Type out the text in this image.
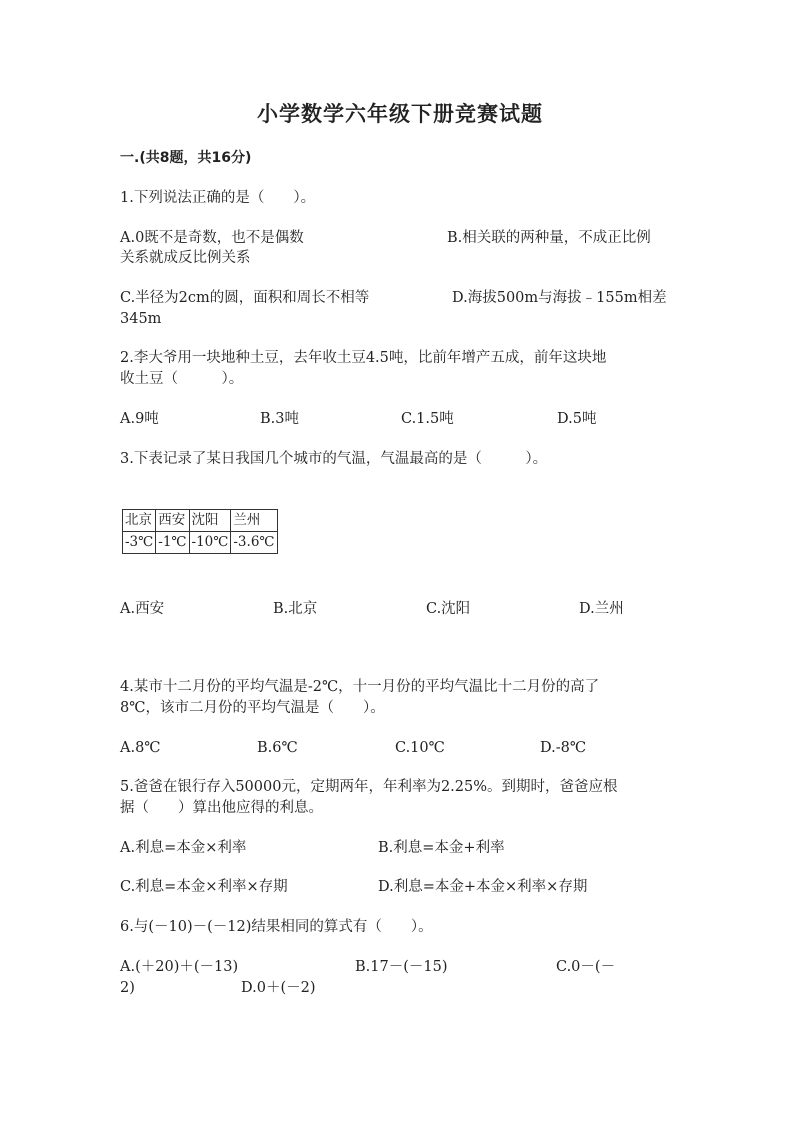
小学数学六年级下册竞赛试题
一.(共8题，共16分)
1.下列说法正确的是（　　）。
A.0既不是奇数，也不是偶数	B.相关联的两种量，不成正比例
关系就成反比例关系
C.半径为2cm的圆，面积和周长不相等	D.海拔500m与海拔﹣155m相差
345m
2.李大爷用一块地种土豆，去年收土豆4.5吨，比前年增产五成，前年这块地
收土豆（　　　）。
A.9吨	B.3吨	C.1.5吨	D.5吨
3.下表记录了某日我国几个城市的气温，气温最高的是（　　　）。
北京	西安	沈阳	兰州
-3℃	-1℃	-10℃	-3.6℃
A.西安	B.北京	C.沈阳	D.兰州
4.某市十二月份的平均气温是-2℃，十一月份的平均气温比十二月份的高了
8℃，该市二月份的平均气温是（　　）。
A.8℃	B.6℃	C.10℃	D.-8℃
5.爸爸在银行存入50000元，定期两年，年利率为2.25%。到期时，爸爸应根
据（　　）算出他应得的利息。
A.利息=本金×利率	B.利息=本金+利率
C.利息=本金×利率×存期	D.利息=本金+本金×利率×存期
6.与(－10)－(－12)结果相同的算式有（　　）。
A.(＋20)＋(－13)	B.17－(－15)	C.0－(－
2)	D.0＋(－2)
